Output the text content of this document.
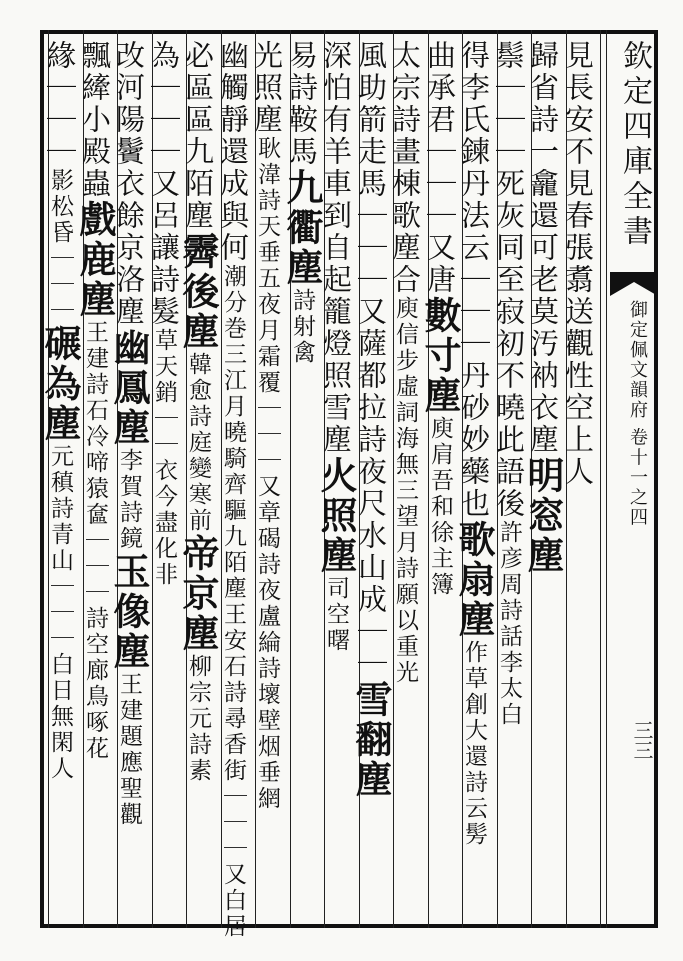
欽定四庫全書
御定佩文韻府 卷十一之四
三三
見長安不見春張翥送觀性空上人
歸省詩一龕還可老莫汚衲衣塵明窓塵
鬃｜｜｜死灰同至寂初不曉此語後許彦周詩話李太白
得李氏鍊丹法云｜｜｜丹砂妙藥也歌扇塵作草創大還詩云髣
曲承君｜｜｜又唐數寸塵庾肩吾和徐主簿
太宗詩畫棟歌塵合庾信步虛詞海無三望月詩願以重光
風助箭走馬｜｜｜又薩都拉詩夜尺水山成｜｜雪翻塵
深怕有羊車到自起籠燈照雪塵火照塵司空曙
易詩鞍馬九衢塵詩射禽
光照塵耿湋詩天垂五夜月霜覆｜｜｜又章碣詩夜盧綸詩壞壁烟垂網
幽觸靜還成與何潮分巻三江月曉騎齊驅九陌塵王安石詩尋香街｜｜｜又白居
必區區九陌塵霽後塵韓愈詩庭變寒前帝京塵柳宗元詩素
為｜｜｜又呂讓詩髮草天銷｜｜衣今盡化非
改河陽鬢衣餘京洛塵幽鳳塵李賀詩鏡玉像塵王建題應聖觀
飄縴小殿蟲戲鹿塵王建詩石冷啼猿奩｜｜｜詩空廊鳥啄花
緣｜｜｜影松昏｜｜｜碾為塵元稹詩青山｜｜｜白日無閑人
